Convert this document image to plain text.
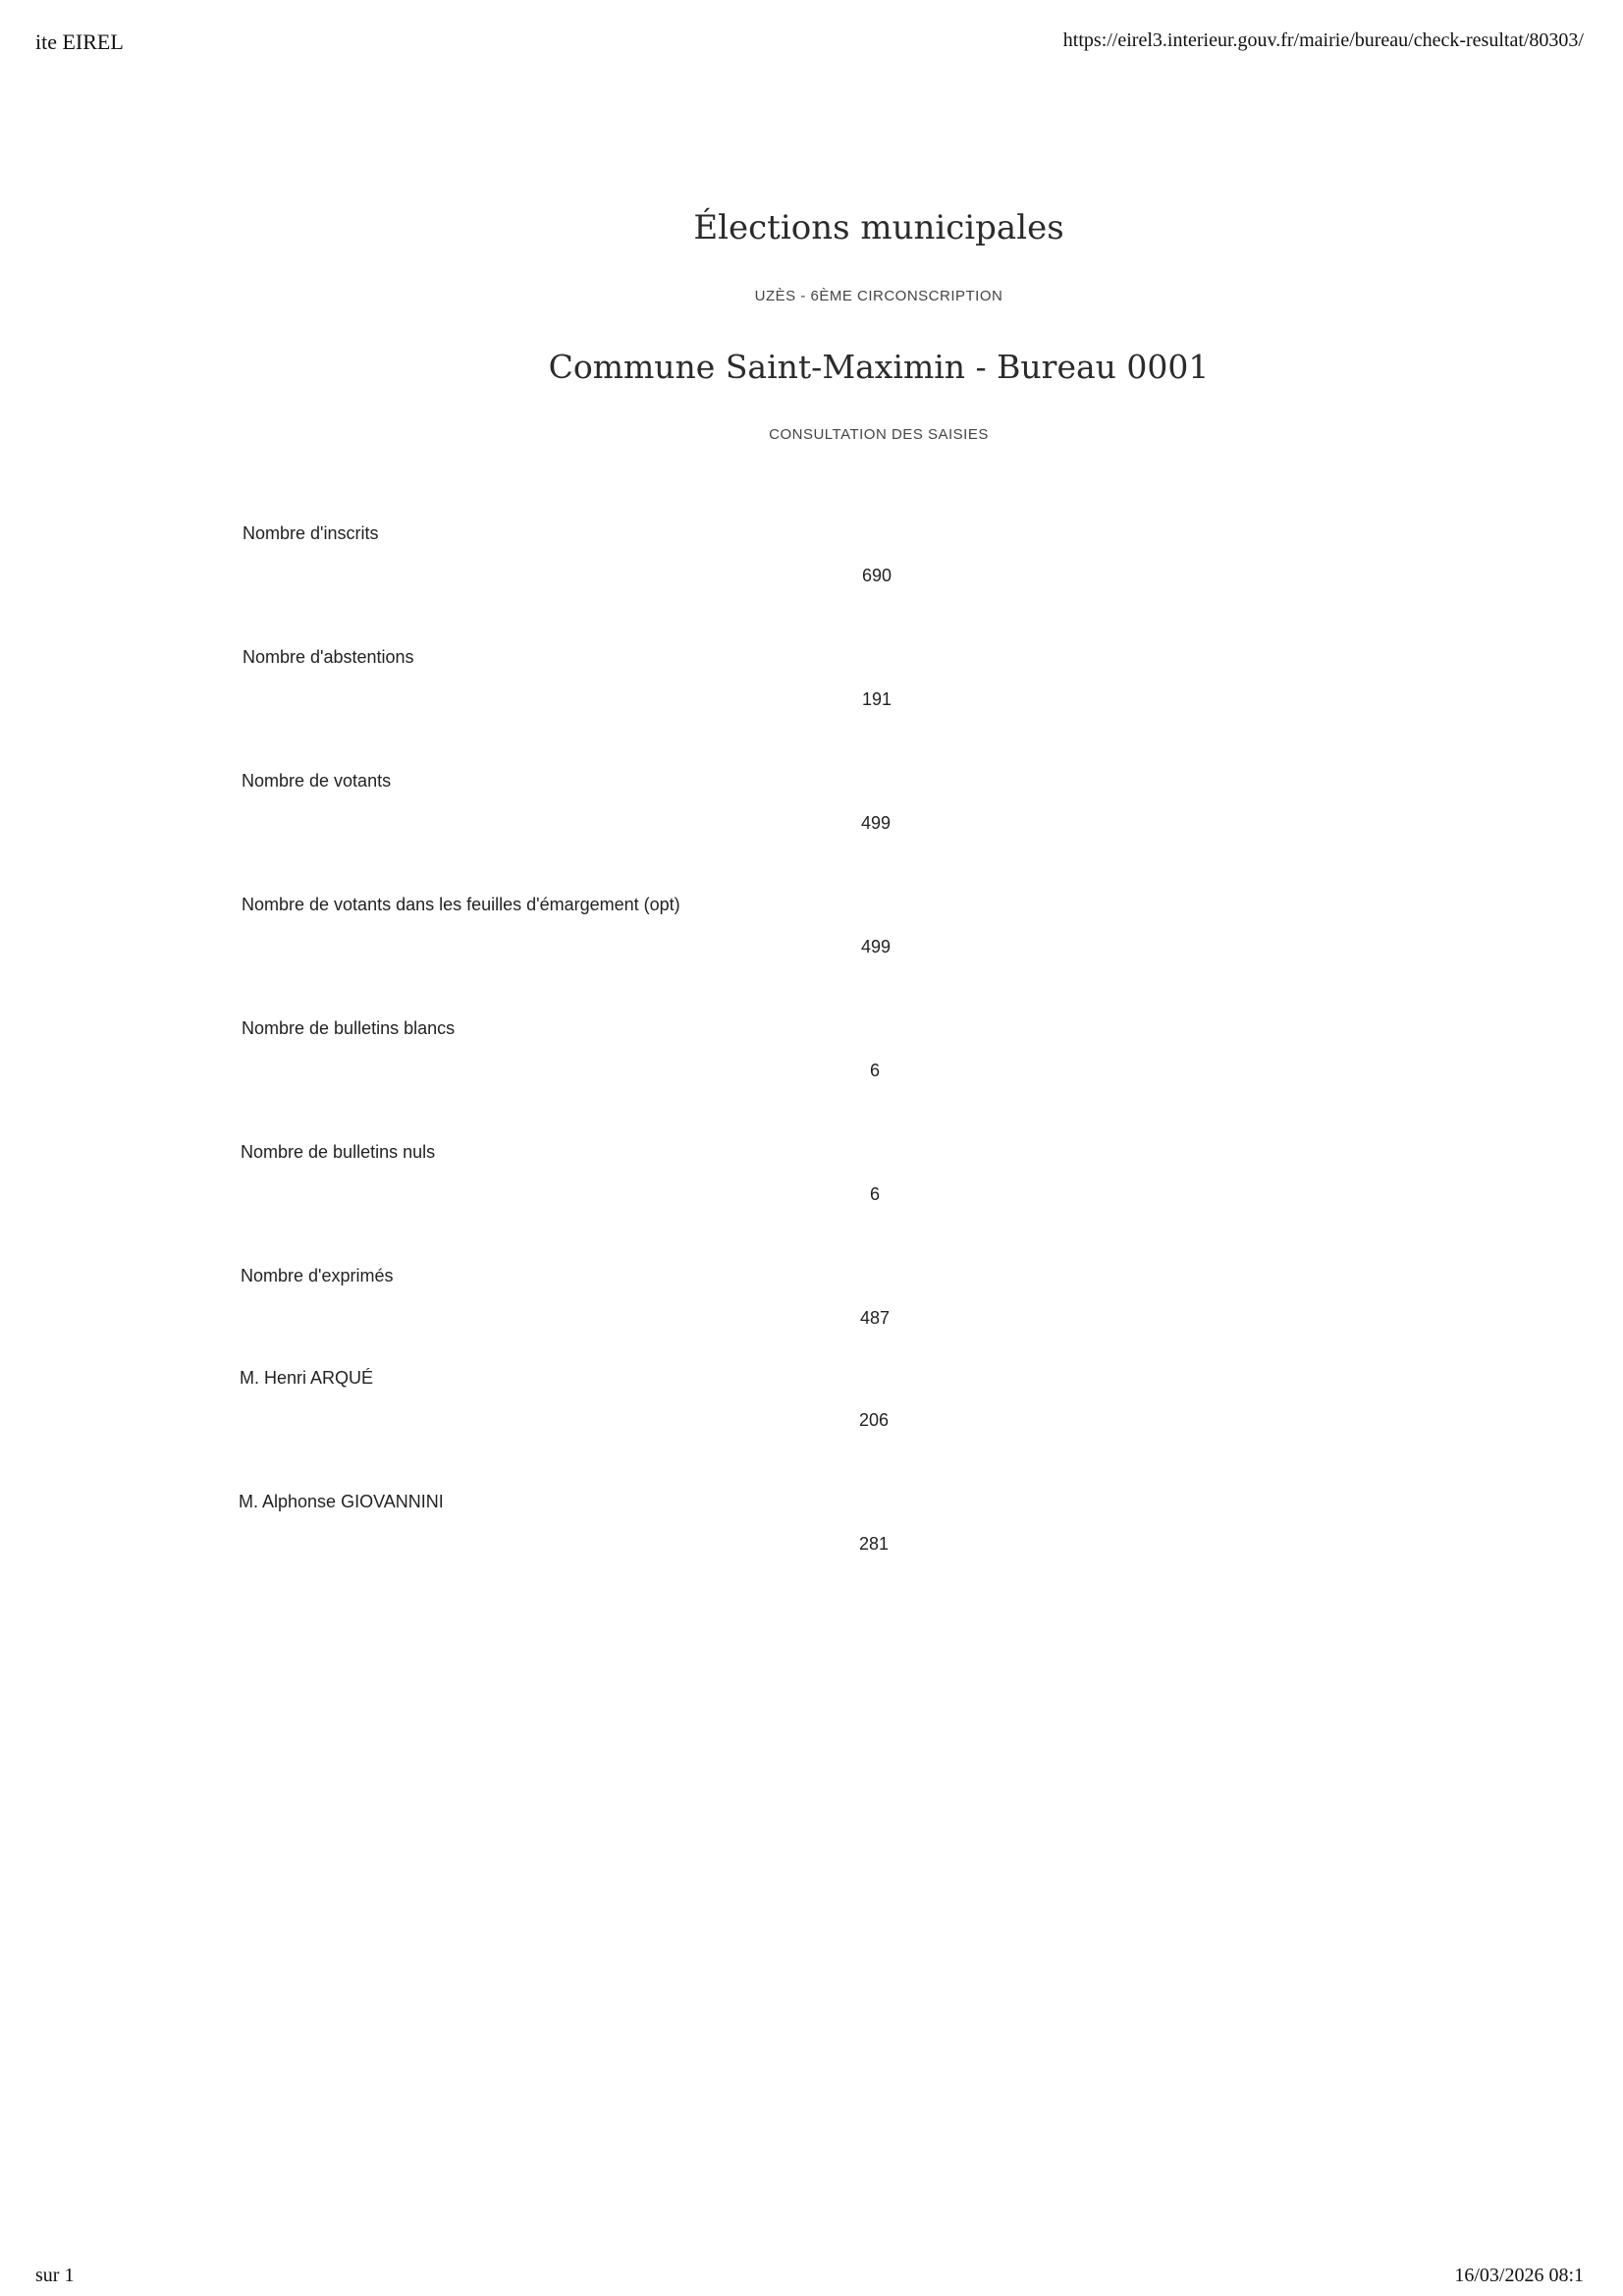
ite EIREL	https://eirel3.interieur.gouv.fr/mairie/bureau/check-resultat/80303/
Élections municipales
UZÈS - 6ÈME CIRCONSCRIPTION
Commune Saint-Maximin - Bureau 0001
CONSULTATION DES SAISIES
Nombre d'inscrits
690
Nombre d'abstentions
191
Nombre de votants
499
Nombre de votants dans les feuilles d'émargement (opt)
499
Nombre de bulletins blancs
6
Nombre de bulletins nuls
6
Nombre d'exprimés
487
M. Henri ARQUÉ
206
M. Alphonse GIOVANNINI
281
sur 1	16/03/2026 08:1
